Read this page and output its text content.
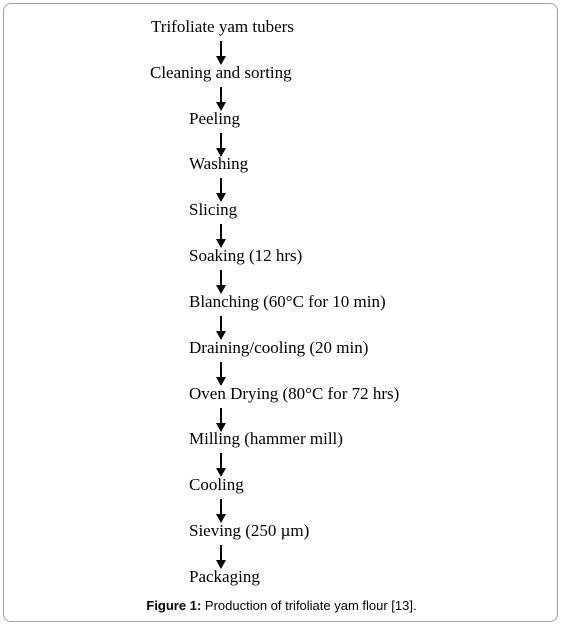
Trifoliate yam tubers
Cleaning and sorting
Peeling
Washing
Slicing
Soaking (12 hrs)
Blanching (60°C for 10 min)
Draining/cooling (20 min)
Oven Drying (80°C for 72 hrs)
Milling (hammer mill)
Cooling
Sieving (250 µm)
Packaging
Figure 1: Production of trifoliate yam flour [13].
